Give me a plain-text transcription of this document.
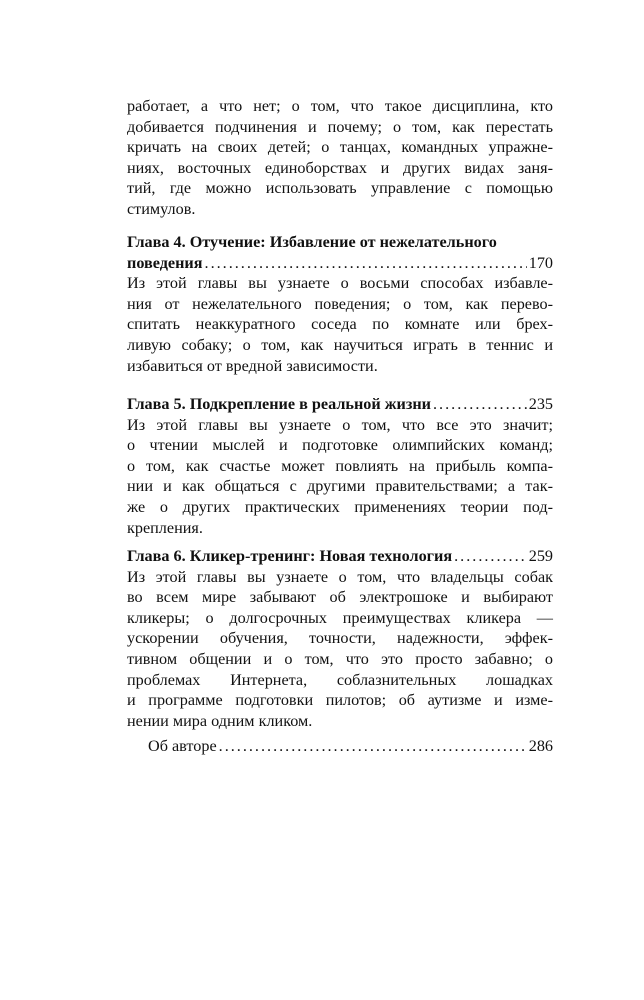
работает, а что нет; о том, что такое дисциплина, кто
добивается подчинения и почему; о том, как перестать
кричать на своих детей; о танцах, командных упражне-
ниях, восточных единоборствах и других видах заня-
тий, где можно использовать управление с помощью
стимулов.
Глава 4. Отучение: Избавление от нежелательного
поведения .....	170
Из этой главы вы узнаете о восьми способах избавле-
ния от нежелательного поведения; о том, как перево-
спитать неаккуратного соседа по комнате или брех-
ливую собаку; о том, как научиться играть в теннис и
избавиться от вредной зависимости.
Глава 5. Подкрепление в реальной жизни .....	235
Из этой главы вы узнаете о том, что все это значит;
о чтении мыслей и подготовке олимпийских команд;
о том, как счастье может повлиять на прибыль компа-
нии и как общаться с другими правительствами; а так-
же о других практических применениях теории под-
крепления.
Глава 6. Кликер-тренинг: Новая технология .....	259
Из этой главы вы узнаете о том, что владельцы собак
во всем мире забывают об электрошоке и выбирают
кликеры; о долгосрочных преимуществах кликера —
ускорении обучения, точности, надежности, эффек-
тивном общении и о том, что это просто забавно; о
проблемах Интернета, соблазнительных лошадках
и программе подготовки пилотов; об аутизме и изме-
нении мира одним кликом.
Об авторе .....	286
